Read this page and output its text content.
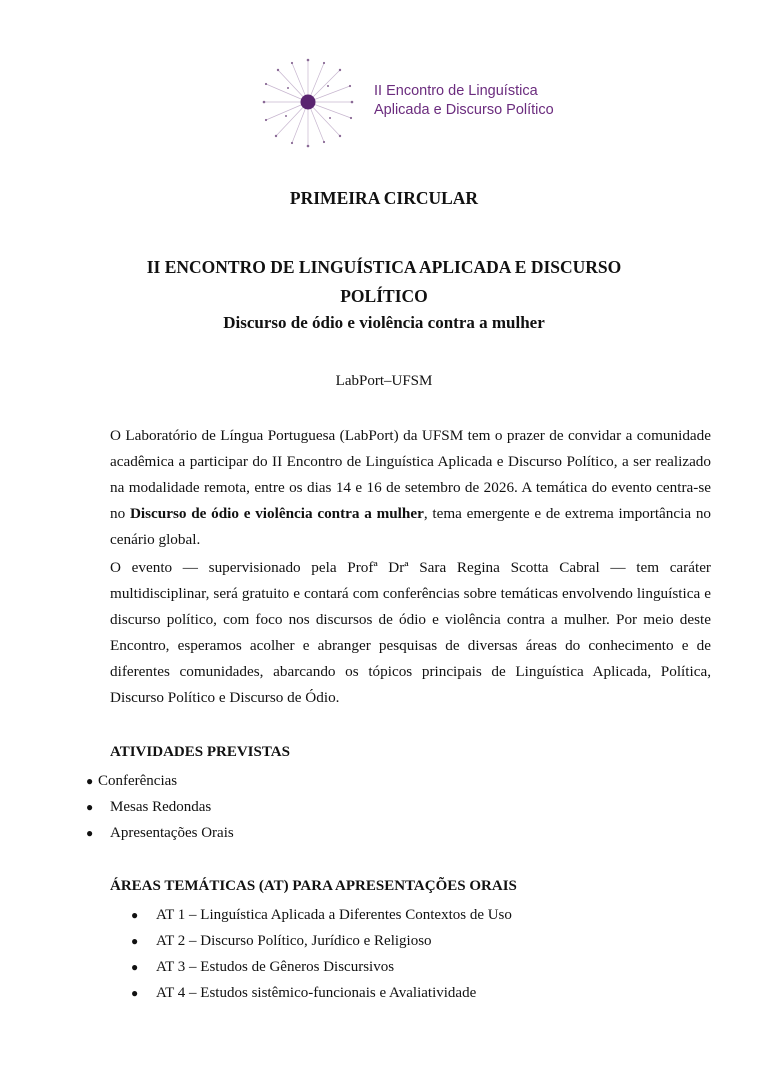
II Encontro de Linguística
Aplicada e Discurso Político
PRIMEIRA CIRCULAR
II ENCONTRO DE LINGUÍSTICA APLICADA E DISCURSO POLÍTICO
Discurso de ódio e violência contra a mulher
LabPort–UFSM
O Laboratório de Língua Portuguesa (LabPort) da UFSM tem o prazer de convidar a comunidade acadêmica a participar do II Encontro de Linguística Aplicada e Discurso Político, a ser realizado na modalidade remota, entre os dias 14 e 16 de setembro de 2026. A temática do evento centra-se no Discurso de ódio e violência contra a mulher, tema emergente e de extrema importância no cenário global.
O evento — supervisionado pela Profª Drª Sara Regina Scotta Cabral — tem caráter multidisciplinar, será gratuito e contará com conferências sobre temáticas envolvendo linguística e discurso político, com foco nos discursos de ódio e violência contra a mulher. Por meio deste Encontro, esperamos acolher e abranger pesquisas de diversas áreas do conhecimento e de diferentes comunidades, abarcando os tópicos principais de Linguística Aplicada, Política, Discurso Político e Discurso de Ódio.
ATIVIDADES PREVISTAS
● Conferências
● Mesas Redondas
● Apresentações Orais
ÁREAS TEMÁTICAS (AT) PARA APRESENTAÇÕES ORAIS
● AT 1 – Linguística Aplicada a Diferentes Contextos de Uso
● AT 2 – Discurso Político, Jurídico e Religioso
● AT 3 – Estudos de Gêneros Discursivos
● AT 4 – Estudos sistêmico-funcionais e Avaliatividade
